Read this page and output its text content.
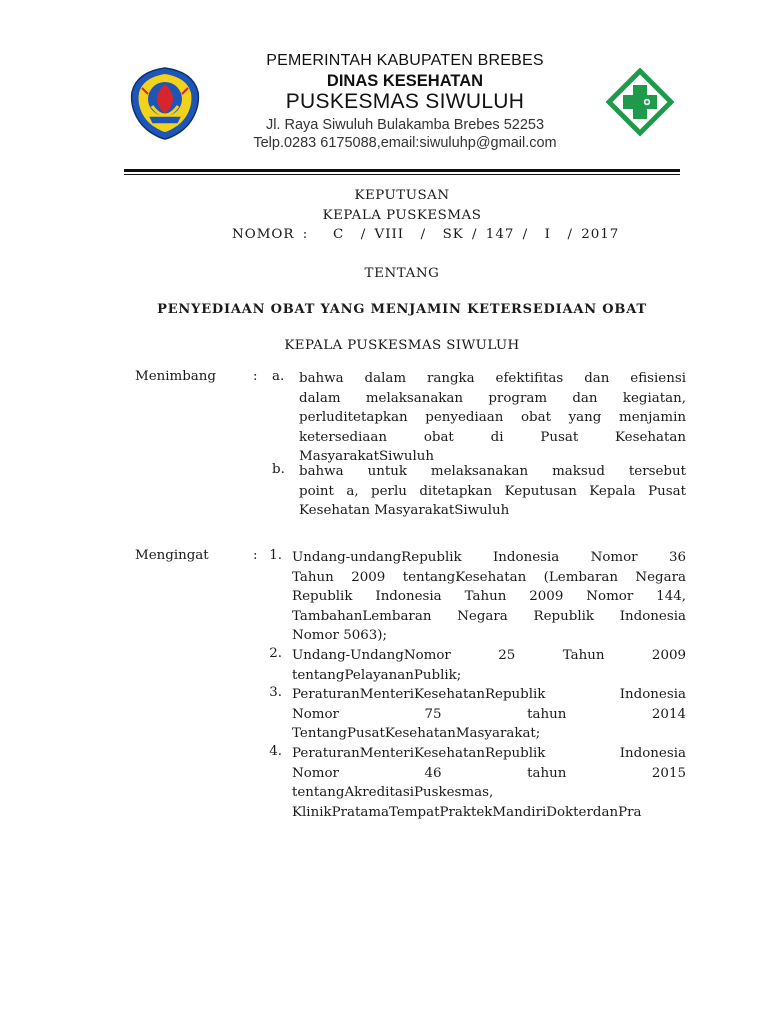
PEMERINTAH KABUPATEN BREBES
DINAS KESEHATAN
PUSKESMAS SIWULUH
Jl. Raya Siwuluh Bulakamba Brebes 52253
Telp.0283 6175088,email:siwuluhp@gmail.com
KEPUTUSAN
KEPALA PUSKESMAS
NOMOR :   C  / VIII  /  SK / 147 /  I  / 2017
TENTANG
PENYEDIAAN OBAT YANG MENJAMIN KETERSEDIAAN OBAT
KEPALA PUSKESMAS SIWULUH
Menimbang	: a. bahwa dalam rangka efektifitas dan efisiensi
dalam melaksanakan program dan kegiatan,
perluditetapkan penyediaan obat yang menjamin
ketersediaan obat di Pusat Kesehatan
MasyarakatSiwuluh
b. bahwa untuk melaksanakan maksud tersebut
point a, perlu ditetapkan Keputusan Kepala Pusat
Kesehatan MasyarakatSiwuluh
Mengingat	: 1. Undang-undangRepublik Indonesia Nomor 36
Tahun 2009 tentangKesehatan (Lembaran Negara
Republik Indonesia Tahun 2009 Nomor 144,
TambahanLembaran Negara Republik Indonesia
Nomor 5063);
2. Undang-UndangNomor 25 Tahun 2009
tentangPelayananPublik;
3. PeraturanMenteriKesehatanRepublik Indonesia
Nomor 75 tahun 2014
TentangPusatKesehatanMasyarakat;
4. PeraturanMenteriKesehatanRepublik Indonesia
Nomor 46 tahun 2015
tentangAkreditasiPuskesmas,
KlinikPratamaTempatPraktekMandiriDokterdanPra
